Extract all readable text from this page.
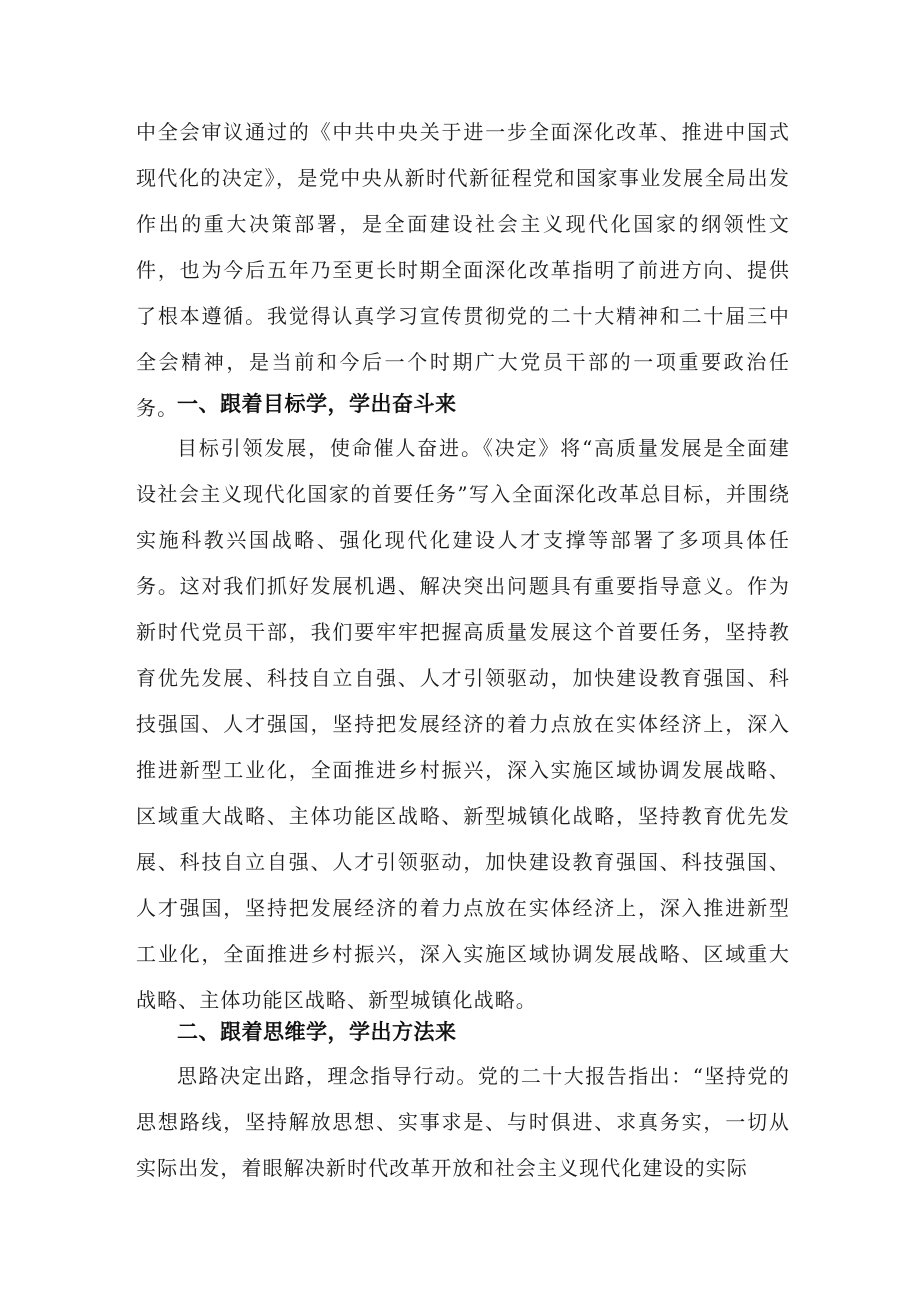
中全会审议通过的《中共中央关于进一步全面深化改革、推进中国式现代化的决定》，是党中央从新时代新征程党和国家事业发展全局出发作出的重大决策部署，是全面建设社会主义现代化国家的纲领性文件，也为今后五年乃至更长时期全面深化改革指明了前进方向、提供了根本遵循。我觉得认真学习宣传贯彻党的二十大精神和二十届三中全会精神，是当前和今后一个时期广大党员干部的一项重要政治任务。

一、跟着目标学，学出奋斗来

目标引领发展，使命催人奋进。《决定》将“高质量发展是全面建设社会主义现代化国家的首要任务”写入全面深化改革总目标，并围绕实施科教兴国战略、强化现代化建设人才支撑等部署了多项具体任务。这对我们抓好发展机遇、解决突出问题具有重要指导意义。作为新时代党员干部，我们要牢牢把握高质量发展这个首要任务，坚持教育优先发展、科技自立自强、人才引领驱动，加快建设教育强国、科技强国、人才强国，坚持把发展经济的着力点放在实体经济上，深入推进新型工业化，全面推进乡村振兴，深入实施区域协调发展战略、区域重大战略、主体功能区战略、新型城镇化战略，坚持教育优先发展、科技自立自强、人才引领驱动，加快建设教育强国、科技强国、人才强国，坚持把发展经济的着力点放在实体经济上，深入推进新型工业化，全面推进乡村振兴，深入实施区域协调发展战略、区域重大战略、主体功能区战略、新型城镇化战略。

二、跟着思维学，学出方法来

思路决定出路，理念指导行动。党的二十大报告指出：“坚持党的思想路线，坚持解放思想、实事求是、与时俱进、求真务实，一切从实际出发，着眼解决新时代改革开放和社会主义现代化建设的实际
